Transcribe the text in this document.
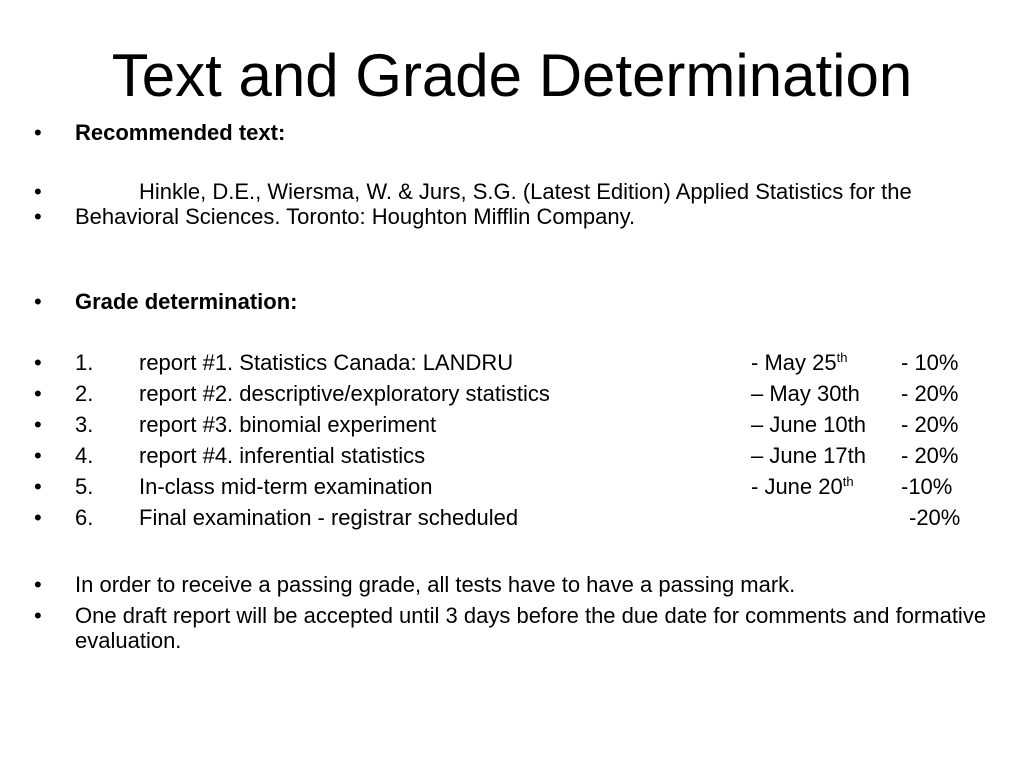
Text and Grade Determination
• Recommended text:
•	Hinkle, D.E., Wiersma, W. & Jurs, S.G. (Latest Edition) Applied Statistics for the
• Behavioral Sciences. Toronto: Houghton Mifflin Company.
• Grade determination:
• 1. report #1. Statistics Canada: LANDRU	- May 25th - 10%
• 2. report #2. descriptive/exploratory statistics	– May 30th - 20%
• 3. report #3. binomial experiment	– June 10th - 20%
• 4. report #4. inferential statistics	– June 17th - 20%
• 5. In-class mid-term examination	- June 20th -10%
• 6. Final examination - registrar scheduled	-20%
• In order to receive a passing grade, all tests have to have a passing mark.
• One draft report will be accepted until 3 days before the due date for comments and formative evaluation.
